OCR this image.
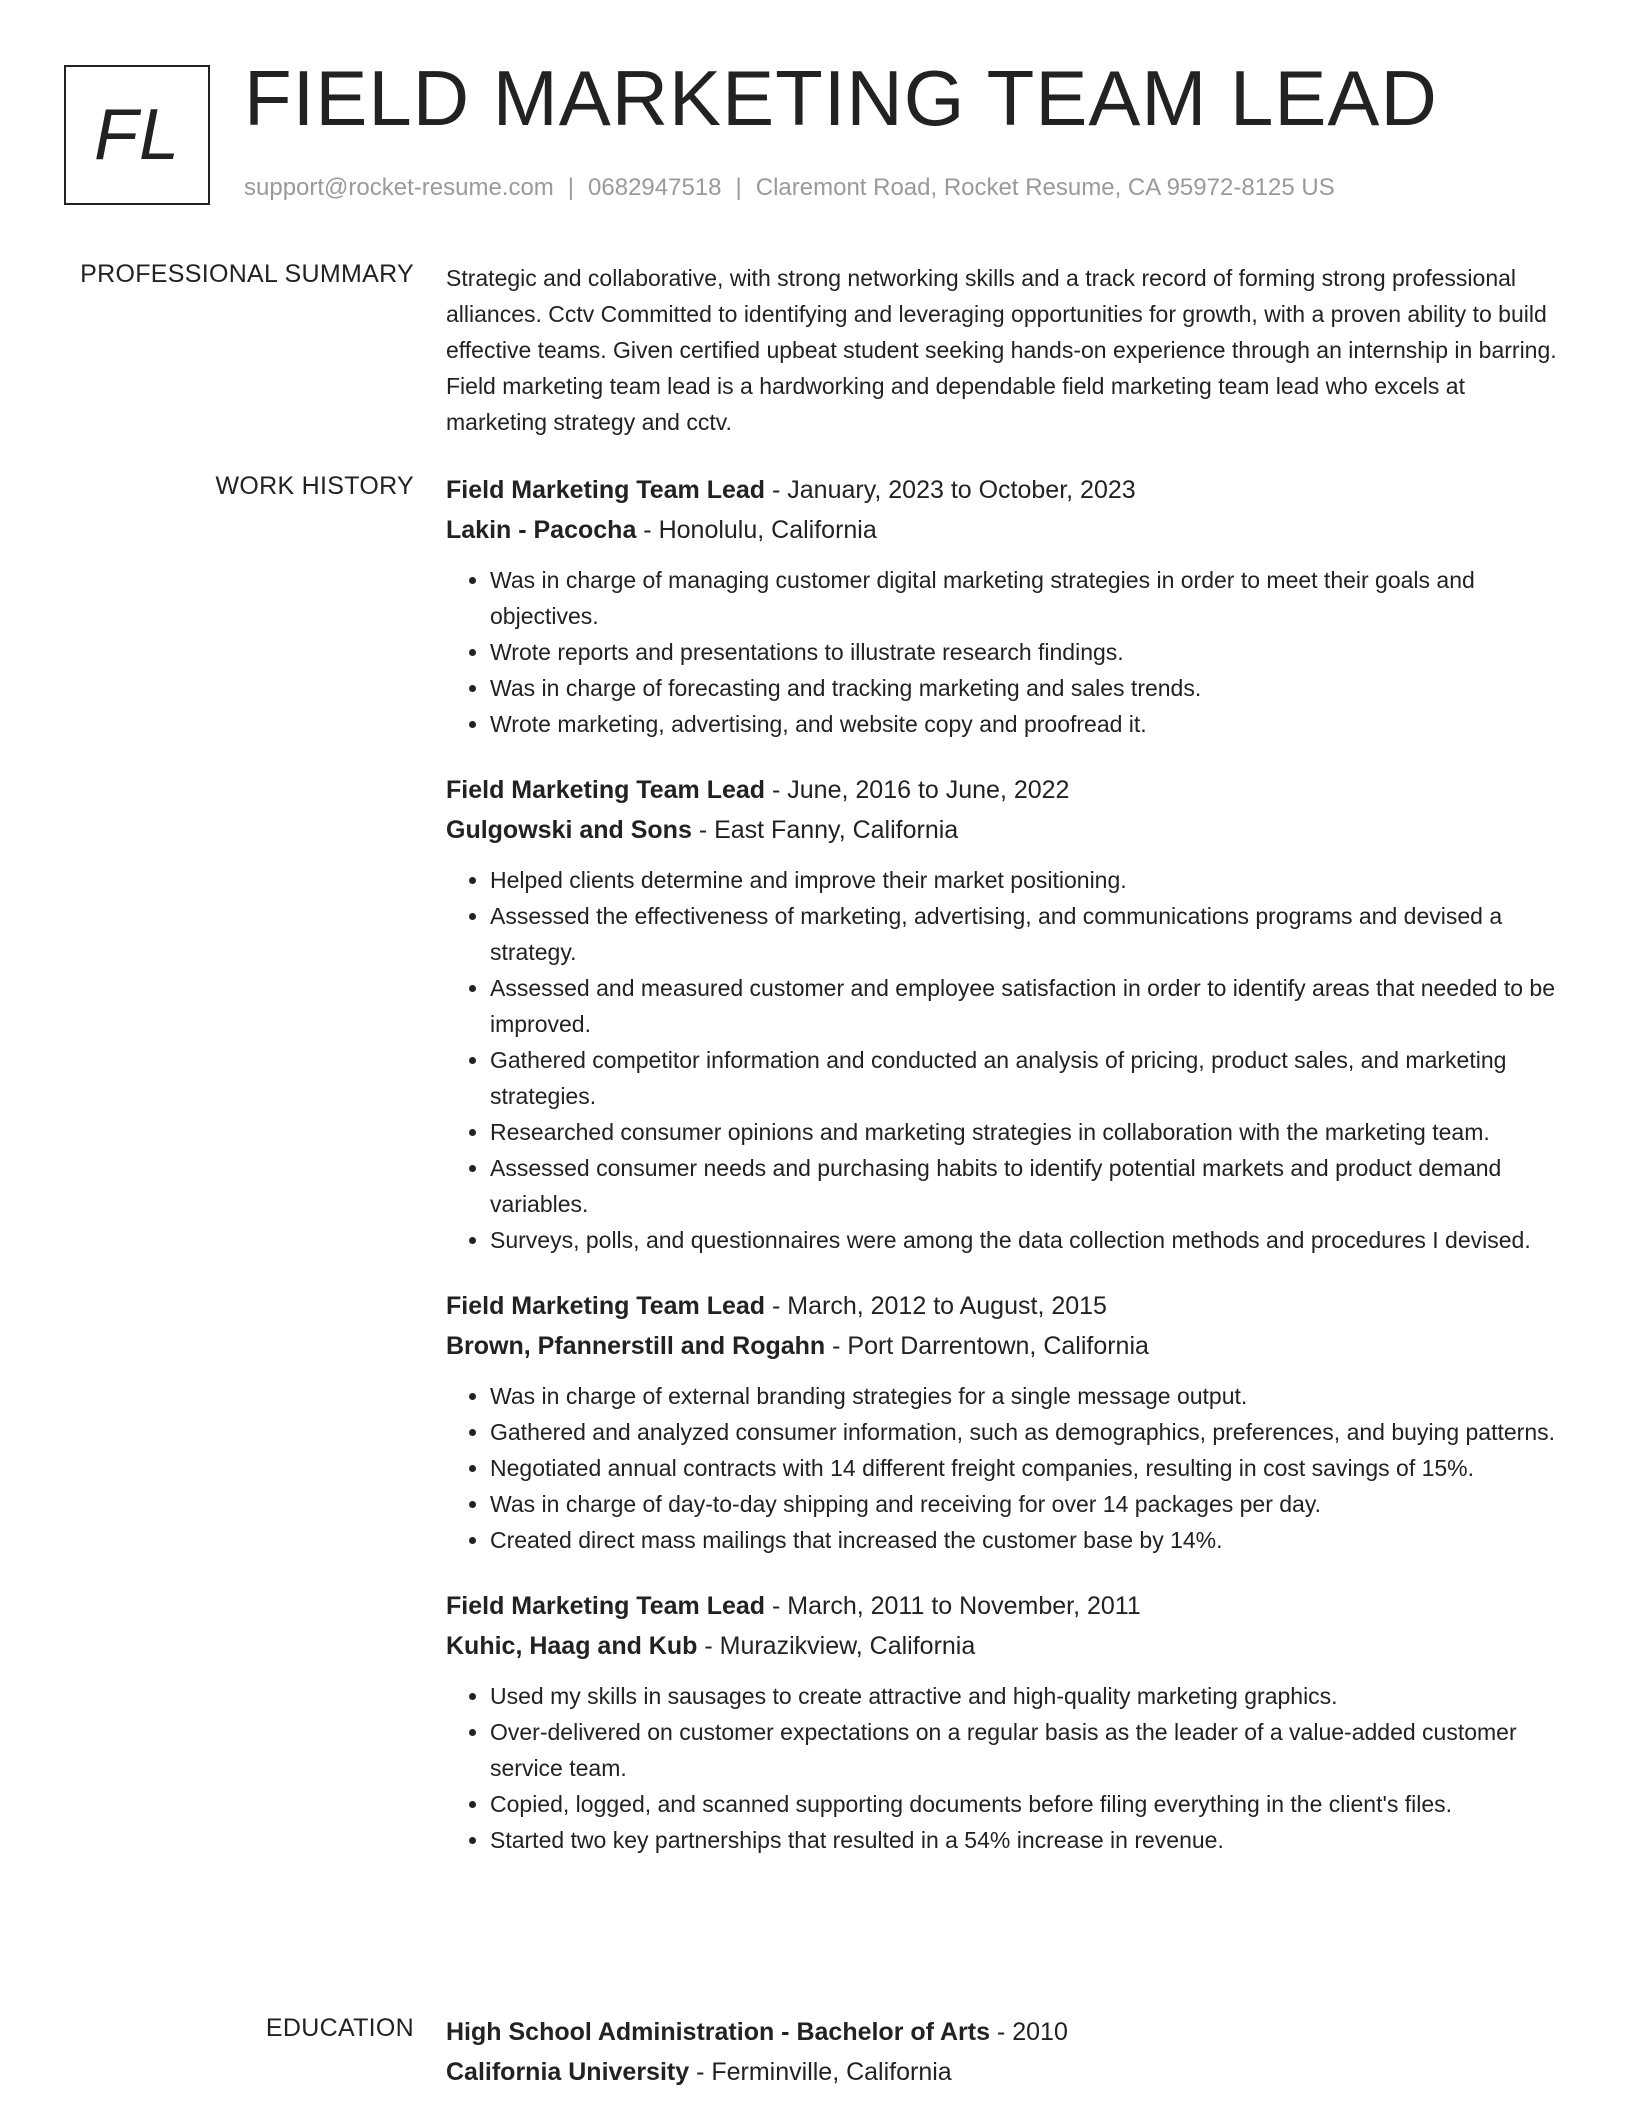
FL FIELD MARKETING TEAM LEAD
support@rocket-resume.com | 0682947518 | Claremont Road, Rocket Resume, CA 95972-8125 US
PROFESSIONAL SUMMARY Strategic and collaborative, with strong networking skills and a track record of forming strong professional alliances. Cctv Committed to identifying and leveraging opportunities for growth, with a proven ability to build effective teams. Given certified upbeat student seeking hands-on experience through an internship in barring. Field marketing team lead is a hardworking and dependable field marketing team lead who excels at marketing strategy and cctv.
WORK HISTORY Field Marketing Team Lead - January, 2023 to October, 2023
Lakin - Pacocha - Honolulu, California
• Was in charge of managing customer digital marketing strategies in order to meet their goals and objectives.
• Wrote reports and presentations to illustrate research findings.
• Was in charge of forecasting and tracking marketing and sales trends.
• Wrote marketing, advertising, and website copy and proofread it.
Field Marketing Team Lead - June, 2016 to June, 2022
Gulgowski and Sons - East Fanny, California
• Helped clients determine and improve their market positioning.
• Assessed the effectiveness of marketing, advertising, and communications programs and devised a strategy.
• Assessed and measured customer and employee satisfaction in order to identify areas that needed to be improved.
• Gathered competitor information and conducted an analysis of pricing, product sales, and marketing strategies.
• Researched consumer opinions and marketing strategies in collaboration with the marketing team.
• Assessed consumer needs and purchasing habits to identify potential markets and product demand variables.
• Surveys, polls, and questionnaires were among the data collection methods and procedures I devised.
Field Marketing Team Lead - March, 2012 to August, 2015
Brown, Pfannerstill and Rogahn - Port Darrentown, California
• Was in charge of external branding strategies for a single message output.
• Gathered and analyzed consumer information, such as demographics, preferences, and buying patterns.
• Negotiated annual contracts with 14 different freight companies, resulting in cost savings of 15%.
• Was in charge of day-to-day shipping and receiving for over 14 packages per day.
• Created direct mass mailings that increased the customer base by 14%.
Field Marketing Team Lead - March, 2011 to November, 2011
Kuhic, Haag and Kub - Murazikview, California
• Used my skills in sausages to create attractive and high-quality marketing graphics.
• Over-delivered on customer expectations on a regular basis as the leader of a value-added customer service team.
• Copied, logged, and scanned supporting documents before filing everything in the client's files.
• Started two key partnerships that resulted in a 54% increase in revenue.
EDUCATION High School Administration - Bachelor of Arts - 2010
California University - Ferminville, California
